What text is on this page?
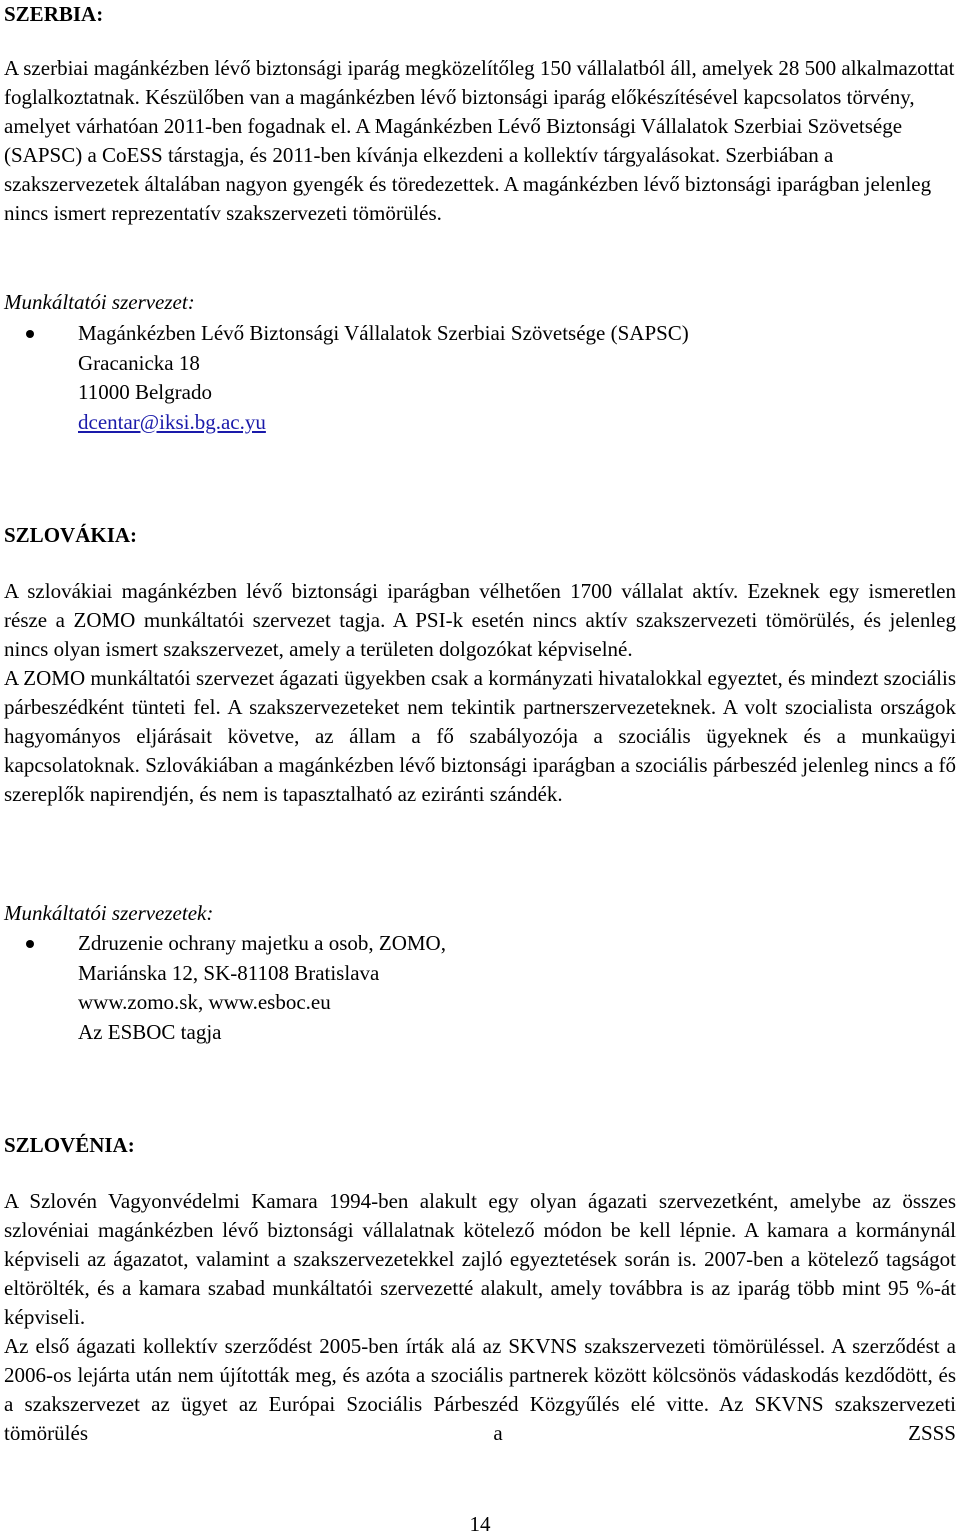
SZERBIA:

A szerbiai magánkézben lévő biztonsági iparág megközelítőleg 150 vállalatból áll, amelyek 28 500 alkalmazottat foglalkoztatnak. Készülőben van a magánkézben lévő biztonsági iparág előkészítésével kapcsolatos törvény, amelyet várhatóan 2011-ben fogadnak el. A Magánkézben Lévő Biztonsági Vállalatok Szerbiai Szövetsége (SAPSC) a CoESS társtagja, és 2011-ben kívánja elkezdeni a kollektív tárgyalásokat. Szerbiában a szakszervezetek általában nagyon gyengék és töredezettek. A magánkézben lévő biztonsági iparágban jelenleg nincs ismert reprezentatív szakszervezeti tömörülés.

Munkáltatói szervezet:
Magánkézben Lévő Biztonsági Vállalatok Szerbiai Szövetsége (SAPSC)
Gracanicka 18
11000 Belgrado
dcentar@iksi.bg.ac.yu
SZLOVÁKIA:

A szlovákiai magánkézben lévő biztonsági iparágban vélhetően 1700 vállalat aktív. Ezeknek egy ismeretlen része a ZOMO munkáltatói szervezet tagja. A PSI-k esetén nincs aktív szakszervezeti tömörülés, és jelenleg nincs olyan ismert szakszervezet, amely a területen dolgozókat képviselné.

A ZOMO munkáltatói szervezet ágazati ügyekben csak a kormányzati hivatalokkal egyeztet, és mindezt szociális párbeszédként tünteti fel. A szakszervezeteket nem tekintik partnerszervezeteknek. A volt szocialista országok hagyományos eljárásait követve, az állam a fő szabályozója a szociális ügyeknek és a munkaügyi kapcsolatoknak. Szlovákiában a magánkézben lévő biztonsági iparágban a szociális párbeszéd jelenleg nincs a fő szereplők napirendjén, és nem is tapasztalható az eziránti szándék.

Munkáltatói szervezetek:
Zdruzenie ochrany majetku a osob, ZOMO,
Mariánska 12, SK-81108 Bratislava
www.zomo.sk, www.esboc.eu
Az ESBOC tagja
SZLOVÉNIA:

A Szlovén Vagyonvédelmi Kamara 1994-ben alakult egy olyan ágazati szervezetként, amelybe az összes szlovéniai magánkézben lévő biztonsági vállalatnak kötelező módon be kell lépnie. A kamara a kormánynál képviseli az ágazatot, valamint a szakszervezetekkel zajló egyeztetések során is. 2007-ben a kötelező tagságot eltörölték, és a kamara szabad munkáltatói szervezetté alakult, amely továbbra is az iparág több mint 95 %-át képviseli.

Az első ágazati kollektív szerződést 2005-ben írták alá az SKVNS szakszervezeti tömörüléssel. A szerződést a 2006-os lejárta után nem újították meg, és azóta a szociális partnerek között kölcsönös vádaskodás kezdődött, és a szakszervezet az ügyet az Európai Szociális Párbeszéd Közgyűlés elé vitte. Az SKVNS szakszervezeti tömörülés a ZSSS

14
